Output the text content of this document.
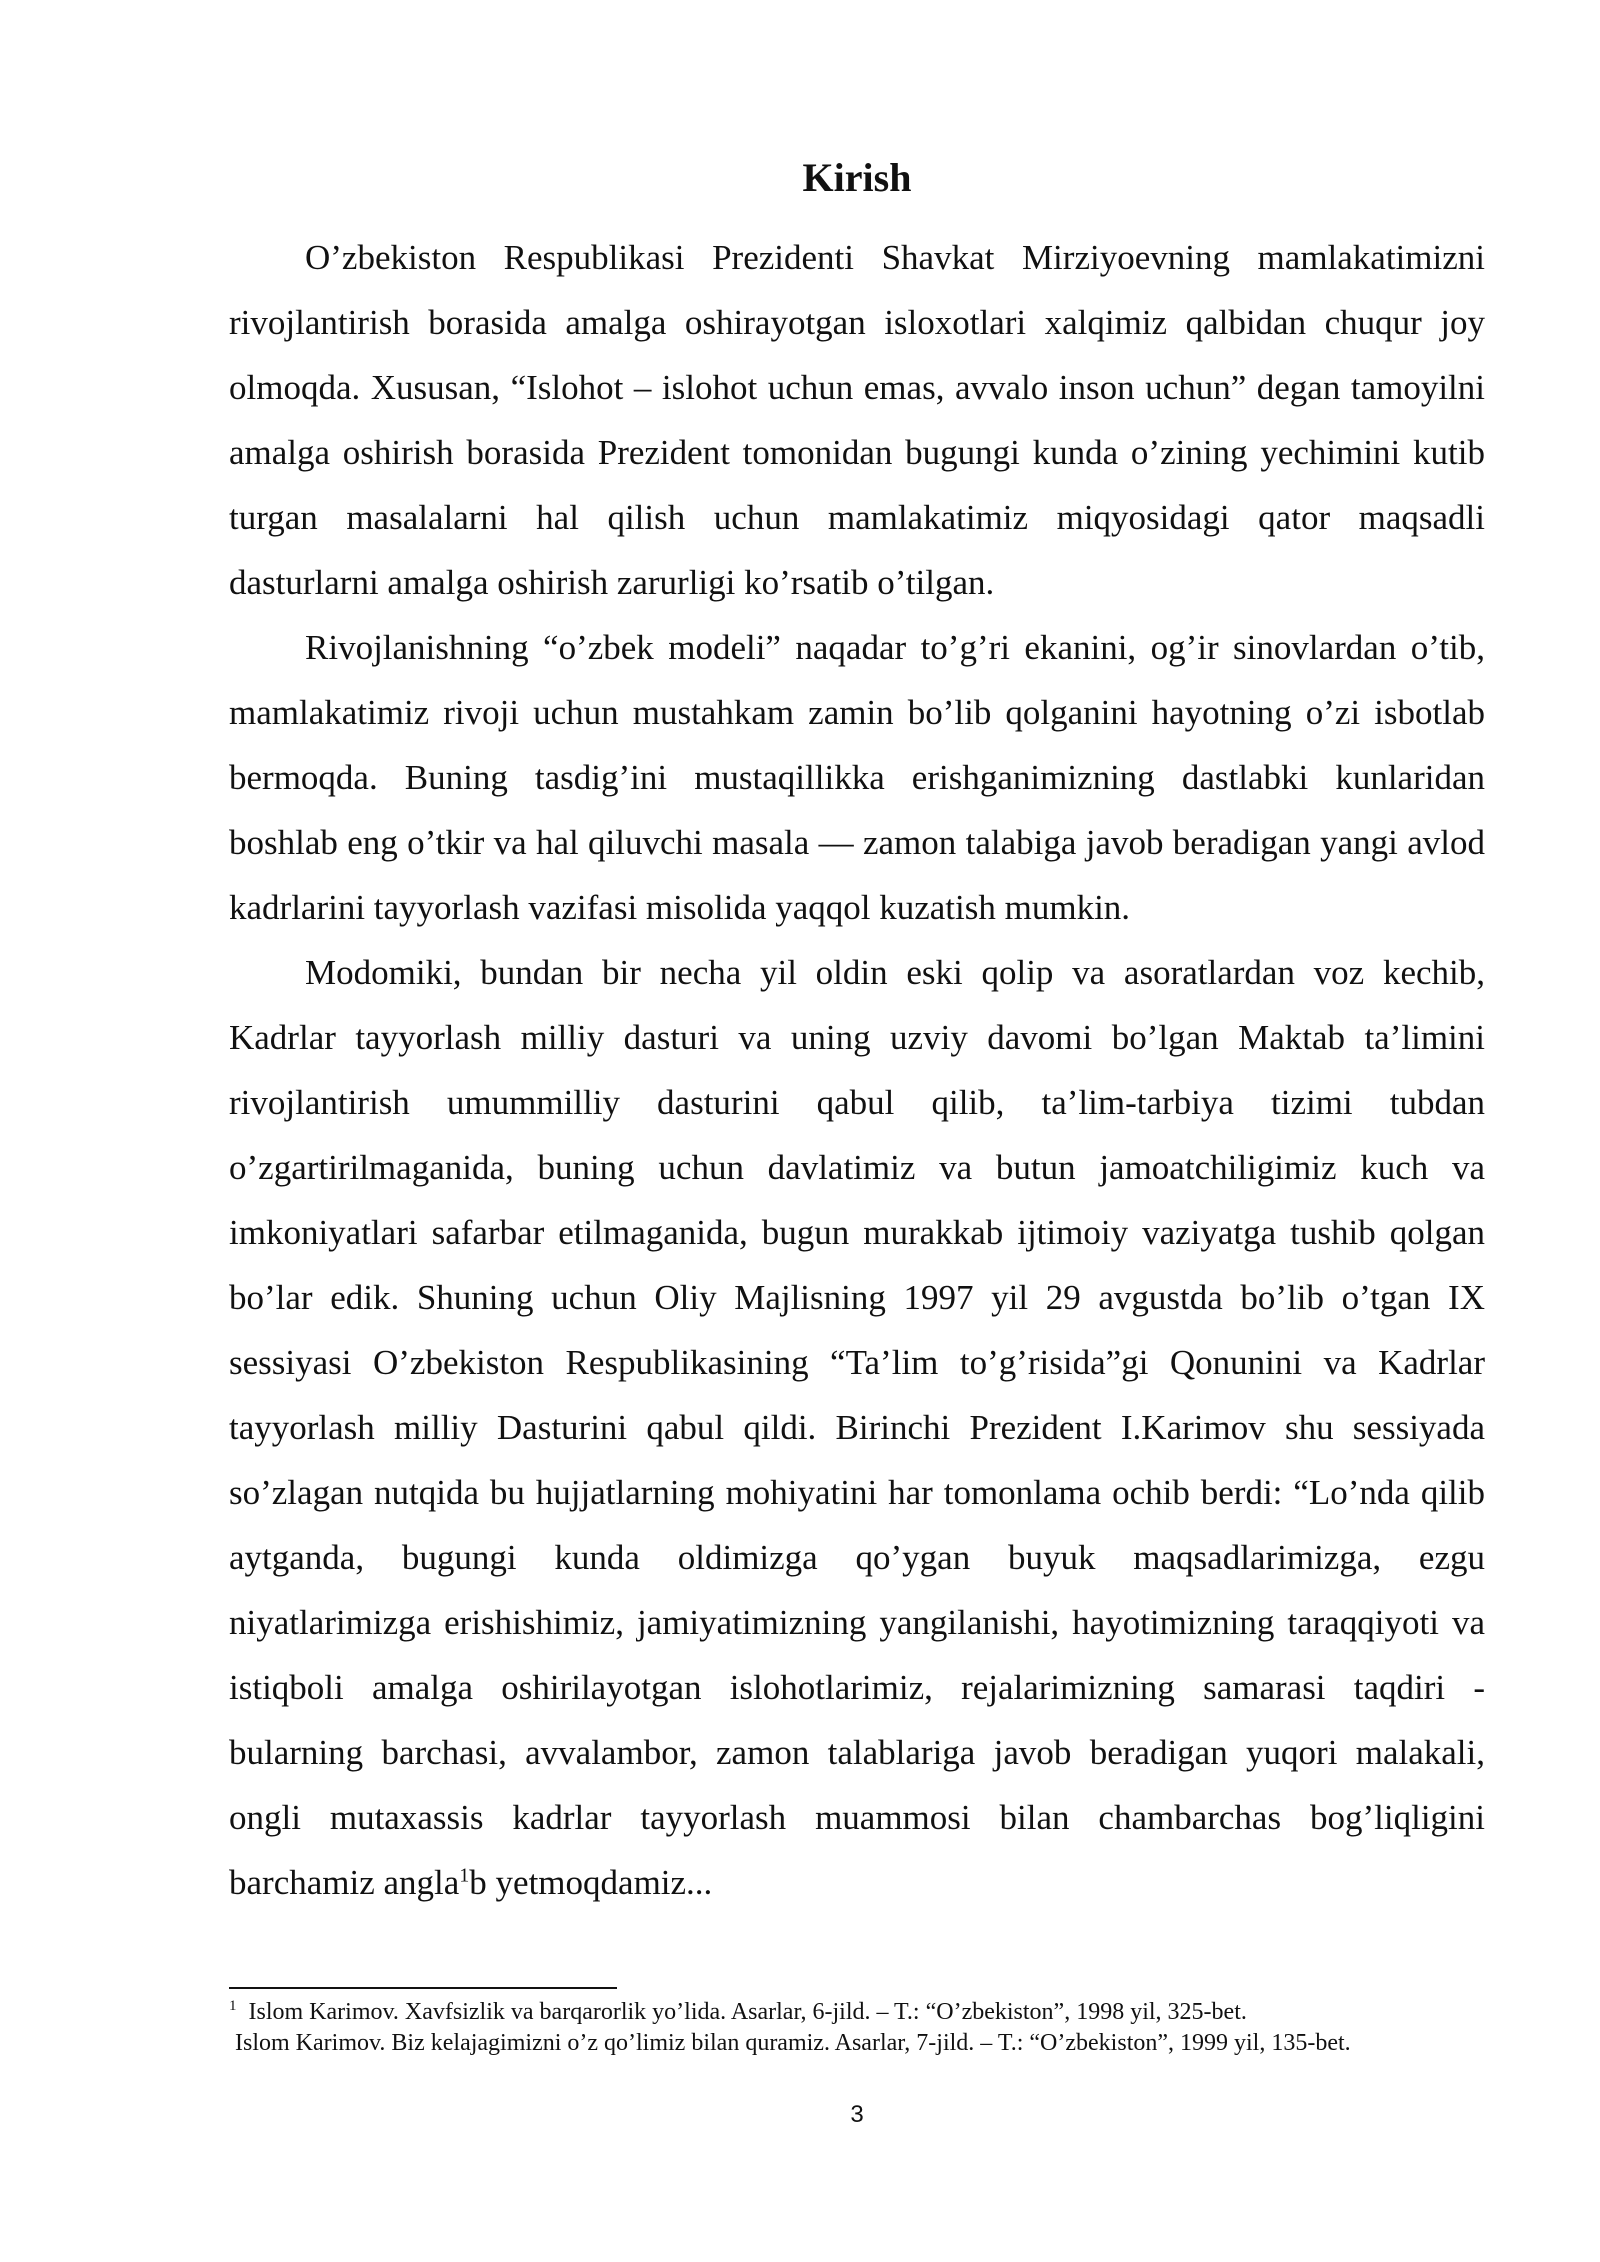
Kirish

O’zbekiston Respublikasi Prezidenti Shavkat Mirziyoevning mamlakatimizni rivojlantirish borasida amalga oshirayotgan isloxotlari xalqimiz qalbidan chuqur joy olmoqda. Xususan, “Islohot – islohot uchun emas, avvalo inson uchun” degan tamoyilni amalga oshirish borasida Prezident tomonidan bugungi kunda o’zining yechimini kutib turgan masalalarni hal qilish uchun mamlakatimiz miqyosidagi qator maqsadli dasturlarni amalga oshirish zarurligi ko’rsatib o’tilgan.

Rivojlanishning “o’zbek modeli” naqadar to’g’ri ekanini, og’ir sinovlardan o’tib, mamlakatimiz rivoji uchun mustahkam zamin bo’lib qolganini hayotning o’zi isbotlab bermoqda. Buning tasdig’ini mustaqillikka erishganimizning dastlabki kunlaridan boshlab eng o’tkir va hal qiluvchi masala — zamon talabiga javob beradigan yangi avlod kadrlarini tayyorlash vazifasi misolida yaqqol kuzatish mumkin.

Modomiki, bundan bir necha yil oldin eski qolip va asoratlardan voz kechib, Kadrlar tayyorlash milliy dasturi va uning uzviy davomi bo’lgan Maktab ta’limini rivojlantirish umummilliy dasturini qabul qilib, ta’lim-tarbiya tizimi tubdan o’zgartirilmaganida, buning uchun davlatimiz va butun jamoatchiligimiz kuch va imkoniyatlari safarbar etilmaganida, bugun murakkab ijtimoiy vaziyatga tushib qolgan bo’lar edik. Shuning uchun Oliy Majlisning 1997 yil 29 avgustda bo’lib o’tgan IX sessiyasi O’zbekiston Respublikasining “Ta’lim to’g’risida”gi Qonunini va Kadrlar tayyorlash milliy Dasturini qabul qildi. Birinchi Prezident I.Karimov shu sessiyada so’zlagan nutqida bu hujjatlarning mohiyatini har tomonlama ochib berdi: “Lo’nda qilib aytganda, bugungi kunda oldimizga qo’ygan buyuk maqsadlarimizga, ezgu niyatlarimizga erishishimiz, jamiyatimizning yangilanishi, hayotimizning taraqqiyoti va istiqboli amalga oshirilayotgan islohotlarimiz, rejalarimizning samarasi taqdiri - bularning barchasi, avvalambor, zamon talablariga javob beradigan yuqori malakali, ongli mutaxassis kadrlar tayyorlash muammosi bilan chambarchas bog’liqligini barchamiz angla$^1$b yetmoqdamiz...

$^1$ Islom Karimov. Xavfsizlik va barqarorlik yo’lida. Asarlar, 6-jild. – T.: “O’zbekiston”, 1998 yil, 325-bet.

Islom Karimov. Biz kelajagimizni o’z qo’limiz bilan quramiz. Asarlar, 7-jild. – T.: “O’zbekiston”, 1999 yil, 135-bet.

3
